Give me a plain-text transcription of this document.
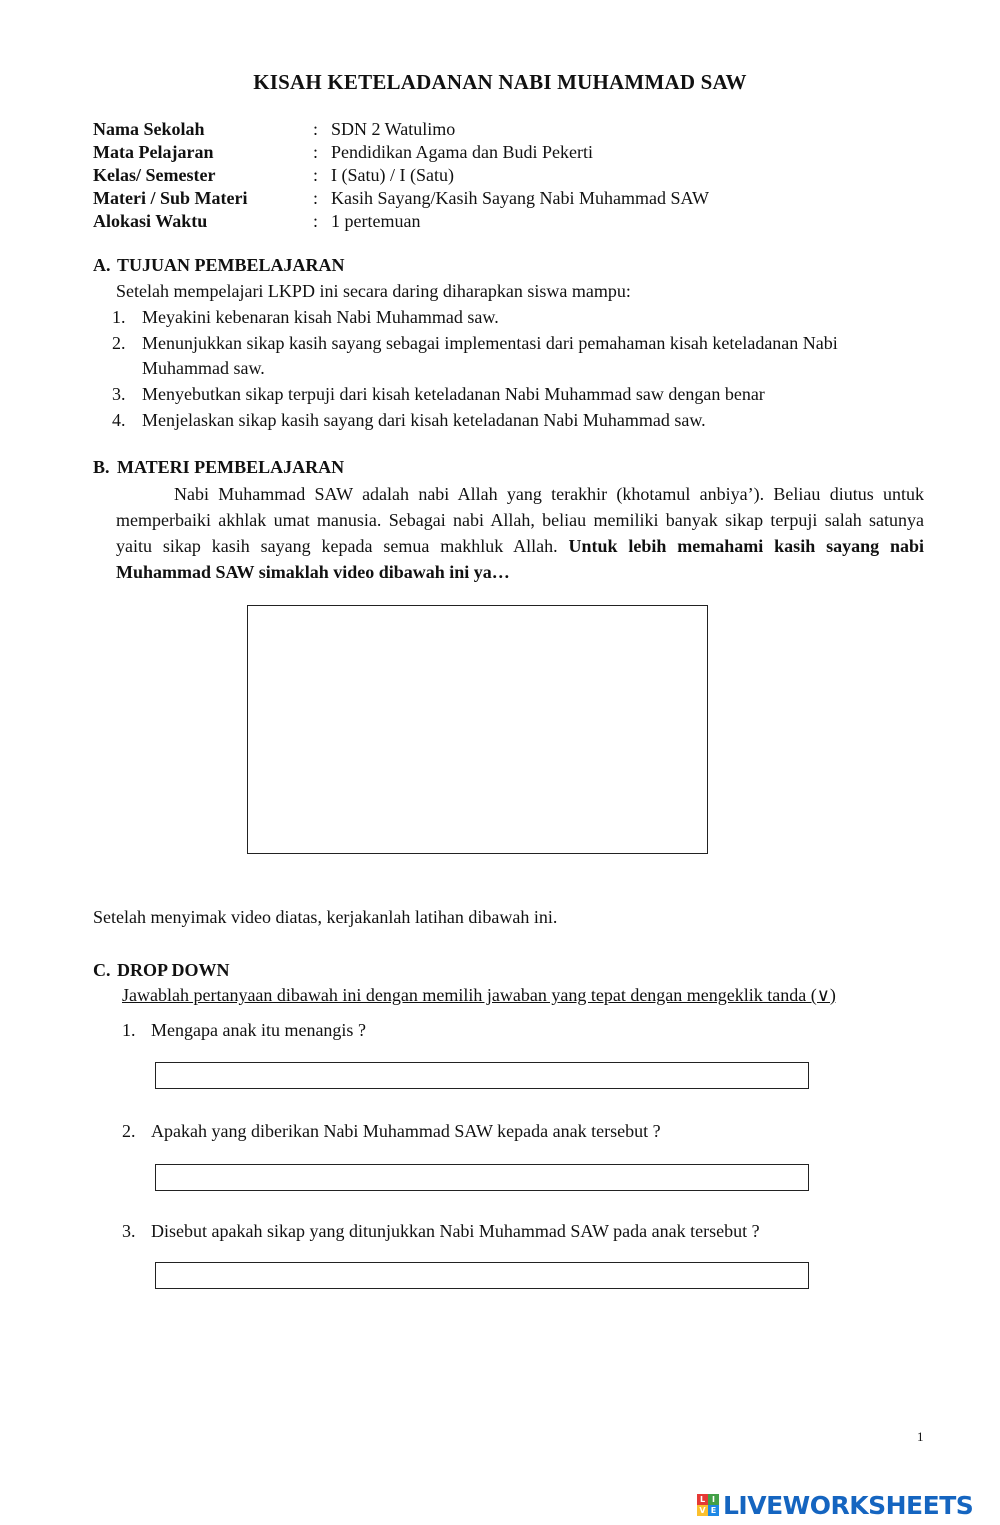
KISAH KETELADANAN NABI MUHAMMAD SAW
Nama Sekolah	: SDN 2 Watulimo
Mata Pelajaran	: Pendidikan Agama dan Budi Pekerti
Kelas/ Semester	: I (Satu) / I (Satu)
Materi / Sub Materi	: Kasih Sayang/Kasih Sayang Nabi Muhammad SAW
Alokasi Waktu	: 1 pertemuan
A. TUJUAN PEMBELAJARAN
Setelah mempelajari LKPD ini secara daring diharapkan siswa mampu:
1. Meyakini kebenaran kisah Nabi Muhammad saw.
2. Menunjukkan sikap kasih sayang sebagai implementasi dari pemahaman kisah keteladanan Nabi Muhammad saw.
3. Menyebutkan sikap terpuji dari kisah keteladanan Nabi Muhammad saw dengan benar
4. Menjelaskan sikap kasih sayang dari kisah keteladanan Nabi Muhammad saw.
B. MATERI PEMBELAJARAN
Nabi Muhammad SAW adalah nabi Allah yang terakhir (khotamul anbiya’). Beliau diutus untuk memperbaiki akhlak umat manusia. Sebagai nabi Allah, beliau memiliki banyak sikap terpuji salah satunya yaitu sikap kasih sayang kepada semua makhluk Allah. Untuk lebih memahami kasih sayang nabi Muhammad SAW simaklah video dibawah ini ya…
Setelah menyimak video diatas, kerjakanlah latihan dibawah ini.
C. DROP DOWN
Jawablah pertanyaan dibawah ini dengan memilih jawaban yang tepat dengan mengeklik tanda (∨)
1. Mengapa anak itu menangis ?
2. Apakah yang diberikan Nabi Muhammad SAW kepada anak tersebut ?
3. Disebut apakah sikap yang ditunjukkan Nabi Muhammad SAW pada anak tersebut ?
1
L I
V E LIVEWORKSHEETS
